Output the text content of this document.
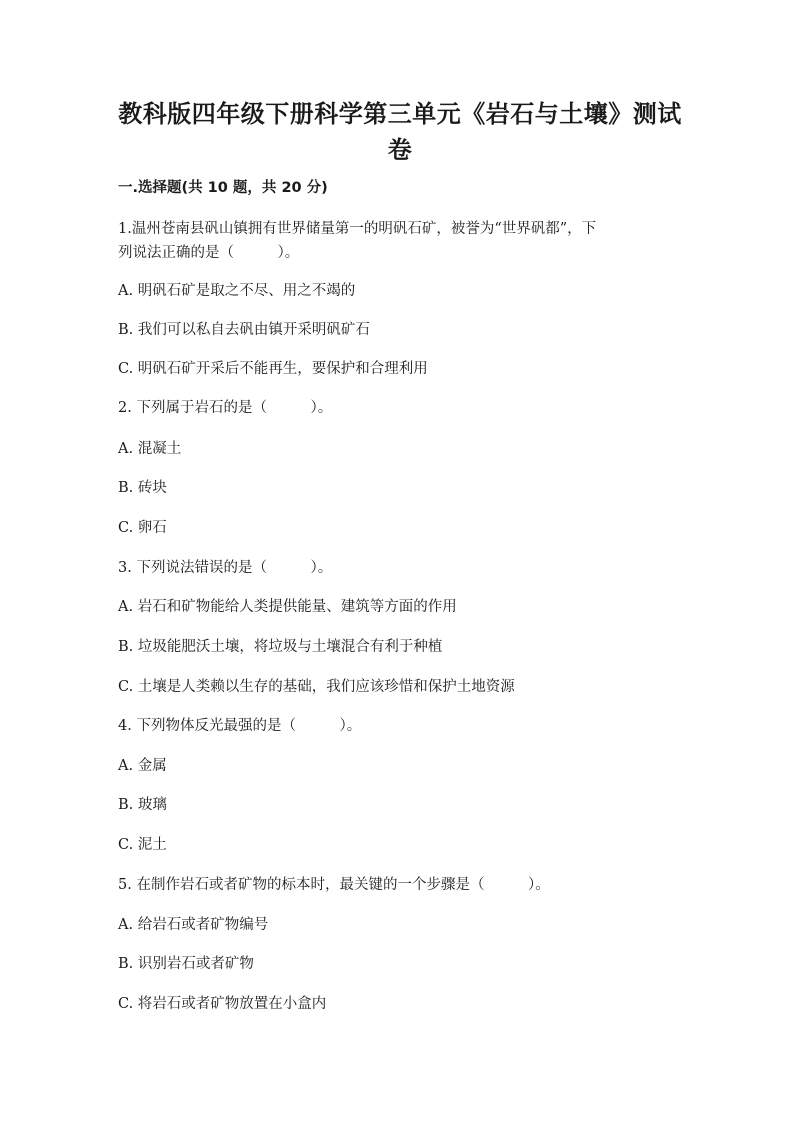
教科版四年级下册科学第三单元《岩石与土壤》测试卷
一.选择题(共 10 题，共 20 分)
1.温州苍南县矾山镇拥有世界储量第一的明矾石矿，被誉为“世界矾都”，下
列说法正确的是（　　　）。
A. 明矾石矿是取之不尽、用之不竭的
B. 我们可以私自去矾由镇开采明矾矿石
C. 明矾石矿开采后不能再生，要保护和合理利用
2. 下列属于岩石的是（　　　）。
A. 混凝土
B. 砖块
C. 卵石
3. 下列说法错误的是（　　　）。
A. 岩石和矿物能给人类提供能量、建筑等方面的作用
B. 垃圾能肥沃土壤，将垃圾与土壤混合有利于种植
C. 土壤是人类赖以生存的基础，我们应该珍惜和保护土地资源
4. 下列物体反光最强的是（　　　）。
A. 金属
B. 玻璃
C. 泥土
5. 在制作岩石或者矿物的标本时，最关键的一个步骤是（　　　）。
A. 给岩石或者矿物编号
B. 识别岩石或者矿物
C. 将岩石或者矿物放置在小盒内
